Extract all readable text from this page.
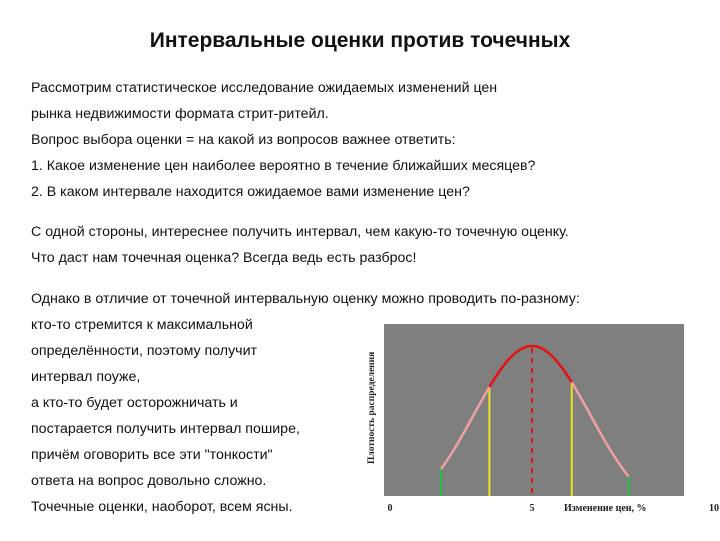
Интервальные оценки против точечных
Рассмотрим статистическое исследование ожидаемых изменений цен
рынка недвижимости формата стрит-ритейл.
Вопрос выбора оценки = на какой из вопросов важнее ответить:
1. Какое изменение цен наиболее вероятно в течение ближайших месяцев?
2. В каком интервале находится ожидаемое вами изменение цен?
С одной стороны, интереснее получить интервал, чем какую-то точечную оценку.
Что даст нам точечная оценка? Всегда ведь есть разброс!
Однако в отличие от точечной интервальную оценку можно проводить по-разному:
кто-то стремится к максимальной
определённости, поэтому получит
интервал поуже,
а кто-то будет осторожничать и
постарается получить интервал пошире,
причём оговорить все эти "тонкости"
ответа на вопрос довольно сложно.
Точечные оценки, наоборот, всем ясны.
Плотность распределения
0	5	10
Изменение цен, %
